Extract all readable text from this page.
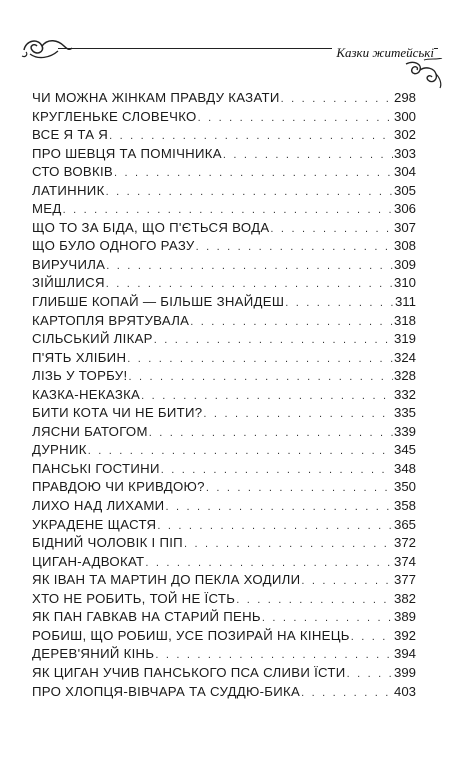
Казки житейські
ЧИ МОЖНА ЖІНКАМ ПРАВДУ КАЗАТИ . . .	298
КРУГЛЕНЬКЕ СЛОВЕЧКО . . .	300
ВСЕ Я ТА Я . . .	302
ПРО ШЕВЦЯ ТА ПОМІЧНИКА . . .	303
СТО ВОВКІВ . . .	304
ЛАТИННИК . . .	305
МЕД . . .	306
ЩО ТО ЗА БІДА, ЩО П'ЄТЬСЯ ВОДА . . .	307
ЩО БУЛО ОДНОГО РАЗУ . . .	308
ВИРУЧИЛА . . .	309
ЗІЙШЛИСЯ . . .	310
ГЛИБШЕ КОПАЙ — БІЛЬШЕ ЗНАЙДЕШ . . .	311
КАРТОПЛЯ ВРЯТУВАЛА . . .	318
СІЛЬСЬКИЙ ЛІКАР . . .	319
П'ЯТЬ ХЛІБИН . . .	324
ЛІЗЬ У ТОРБУ! . . .	328
КАЗКА-НЕКАЗКА . . .	332
БИТИ КОТА ЧИ НЕ БИТИ? . . .	335
ЛЯСНИ БАТОГОМ . . .	339
ДУРНИК . . .	345
ПАНСЬКІ ГОСТИНИ . . .	348
ПРАВДОЮ ЧИ КРИВДОЮ? . . .	350
ЛИХО НАД ЛИХАМИ . . .	358
УКРАДЕНЕ ЩАСТЯ . . .	365
БІДНИЙ ЧОЛОВІК І ПІП . . .	372
ЦИГАН-АДВОКАТ . . .	374
ЯК ІВАН ТА МАРТИН ДО ПЕКЛА ХОДИЛИ . . .	377
ХТО НЕ РОБИТЬ, ТОЙ НЕ ЇСТЬ . . .	382
ЯК ПАН ГАВКАВ НА СТАРИЙ ПЕНЬ . . .	389
РОБИШ, ЩО РОБИШ, УСЕ ПОЗИРАЙ НА КІНЕЦЬ . . .	392
ДЕРЕВ'ЯНИЙ КІНЬ . . .	394
ЯК ЦИГАН УЧИВ ПАНСЬКОГО ПСА СЛИВИ ЇСТИ . . .	399
ПРО ХЛОПЦЯ-ВІВЧАРА ТА СУДДЮ-БИКА . . .	403
